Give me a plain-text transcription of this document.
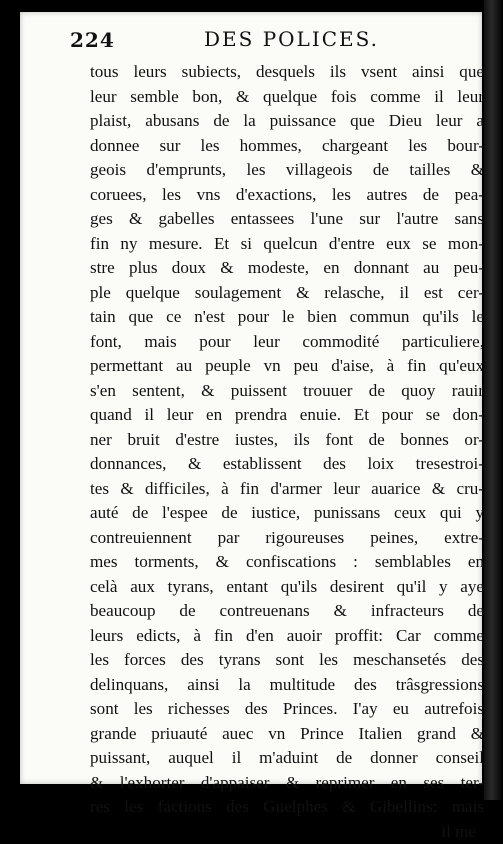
224	DES POLICES.
tous leurs subiects, desquels ils vsent ainsi que
leur semble bon, & quelque fois comme il leur
plaist, abusans de la puissance que Dieu leur a
donnee sur les hommes, chargeant les bour-
geois d'emprunts, les villageois de tailles &
coruees, les vns d'exactions, les autres de pea-
ges & gabelles entassees l'une sur l'autre sans
fin ny mesure. Et si quelcun d'entre eux se mon-
stre plus doux & modeste, en donnant au peu-
ple quelque soulagement & relasche, il est cer-
tain que ce n'est pour le bien commun qu'ils le
font, mais pour leur commodité particuliere,
permettant au peuple vn peu d'aise, à fin qu'eux
s'en sentent, & puissent trouuer de quoy rauir
quand il leur en prendra enuie. Et pour se don-
ner bruit d'estre iustes, ils font de bonnes or-
donnances, & establissent des loix tresestroi-
tes & difficiles, à fin d'armer leur auarice & cru-
auté de l'espee de iustice, punissans ceux qui y
contreuiennent par rigoureuses peines, extre-
mes torments, & confiscations : semblables en
celà aux tyrans, entant qu'ils desirent qu'il y aye
beaucoup de contreuenans & infracteurs de
leurs edicts, à fin d'en auoir proffit: Car comme
les forces des tyrans sont les meschansetés des
delinquans, ainsi la multitude des trâsgressions
sont les richesses des Princes. I'ay eu autrefois
grande priuauté auec vn Prince Italien grand &
puissant, auquel il m'aduint de donner conseil
& l'exhorter d'appaiser & reprimer en ses ter-
res les factions des Guelphes & Gibellins: mais
il me
